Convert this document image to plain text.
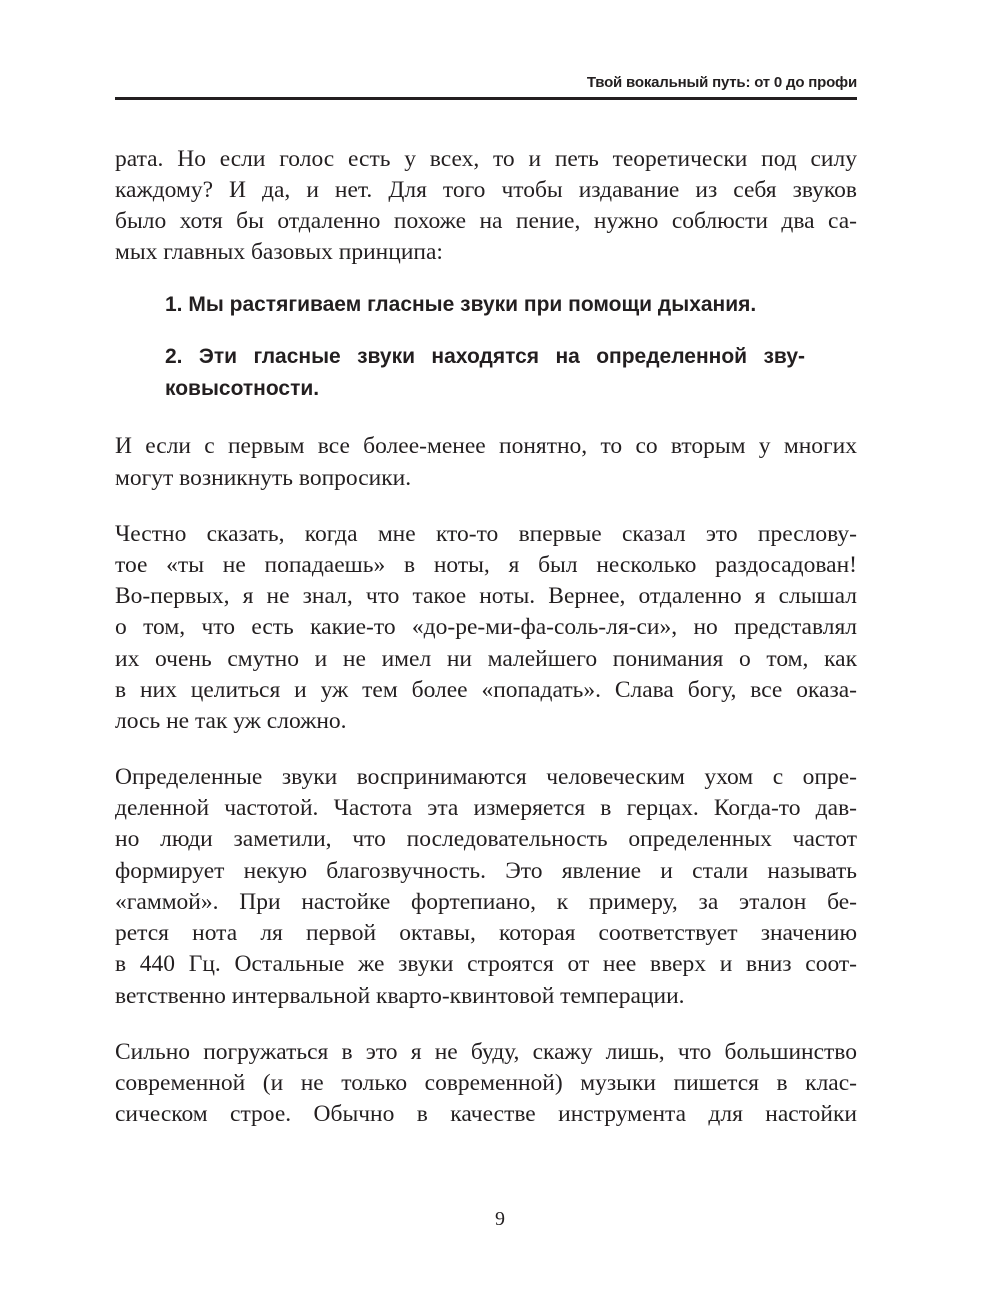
Твой вокальный путь: от 0 до профи
рата. Но если голос есть у всех, то и петь теоретически под силу
каждому? И да, и нет. Для того чтобы издавание из себя звуков
было хотя бы отдаленно похоже на пение, нужно соблюсти два са-
мых главных базовых принципа:
1. Мы растягиваем гласные звуки при помощи дыхания.
2. Эти гласные звуки находятся на определенной зву-
ковысотности.
И если с первым все более-менее понятно, то со вторым у многих
могут возникнуть вопросики.
Честно сказать, когда мне кто-то впервые сказал это преслову-
тое «ты не попадаешь» в ноты, я был несколько раздосадован!
Во-первых, я не знал, что такое ноты. Вернее, отдаленно я слышал
о том, что есть какие-то «до-ре-ми-фа-соль-ля-си», но представлял
их очень смутно и не имел ни малейшего понимания о том, как
в них целиться и уж тем более «попадать». Слава богу, все оказа-
лось не так уж сложно.
Определенные звуки воспринимаются человеческим ухом с опре-
деленной частотой. Частота эта измеряется в герцах. Когда-то дав-
но люди заметили, что последовательность определенных частот
формирует некую благозвучность. Это явление и стали называть
«гаммой». При настойке фортепиано, к примеру, за эталон бе-
рется нота ля первой октавы, которая соответствует значению
в 440 Гц. Остальные же звуки строятся от нее вверх и вниз соот-
ветственно интервальной кварто-квинтовой темперации.
Сильно погружаться в это я не буду, скажу лишь, что большинство
современной (и не только современной) музыки пишется в клас-
сическом строе. Обычно в качестве инструмента для настойки
9
